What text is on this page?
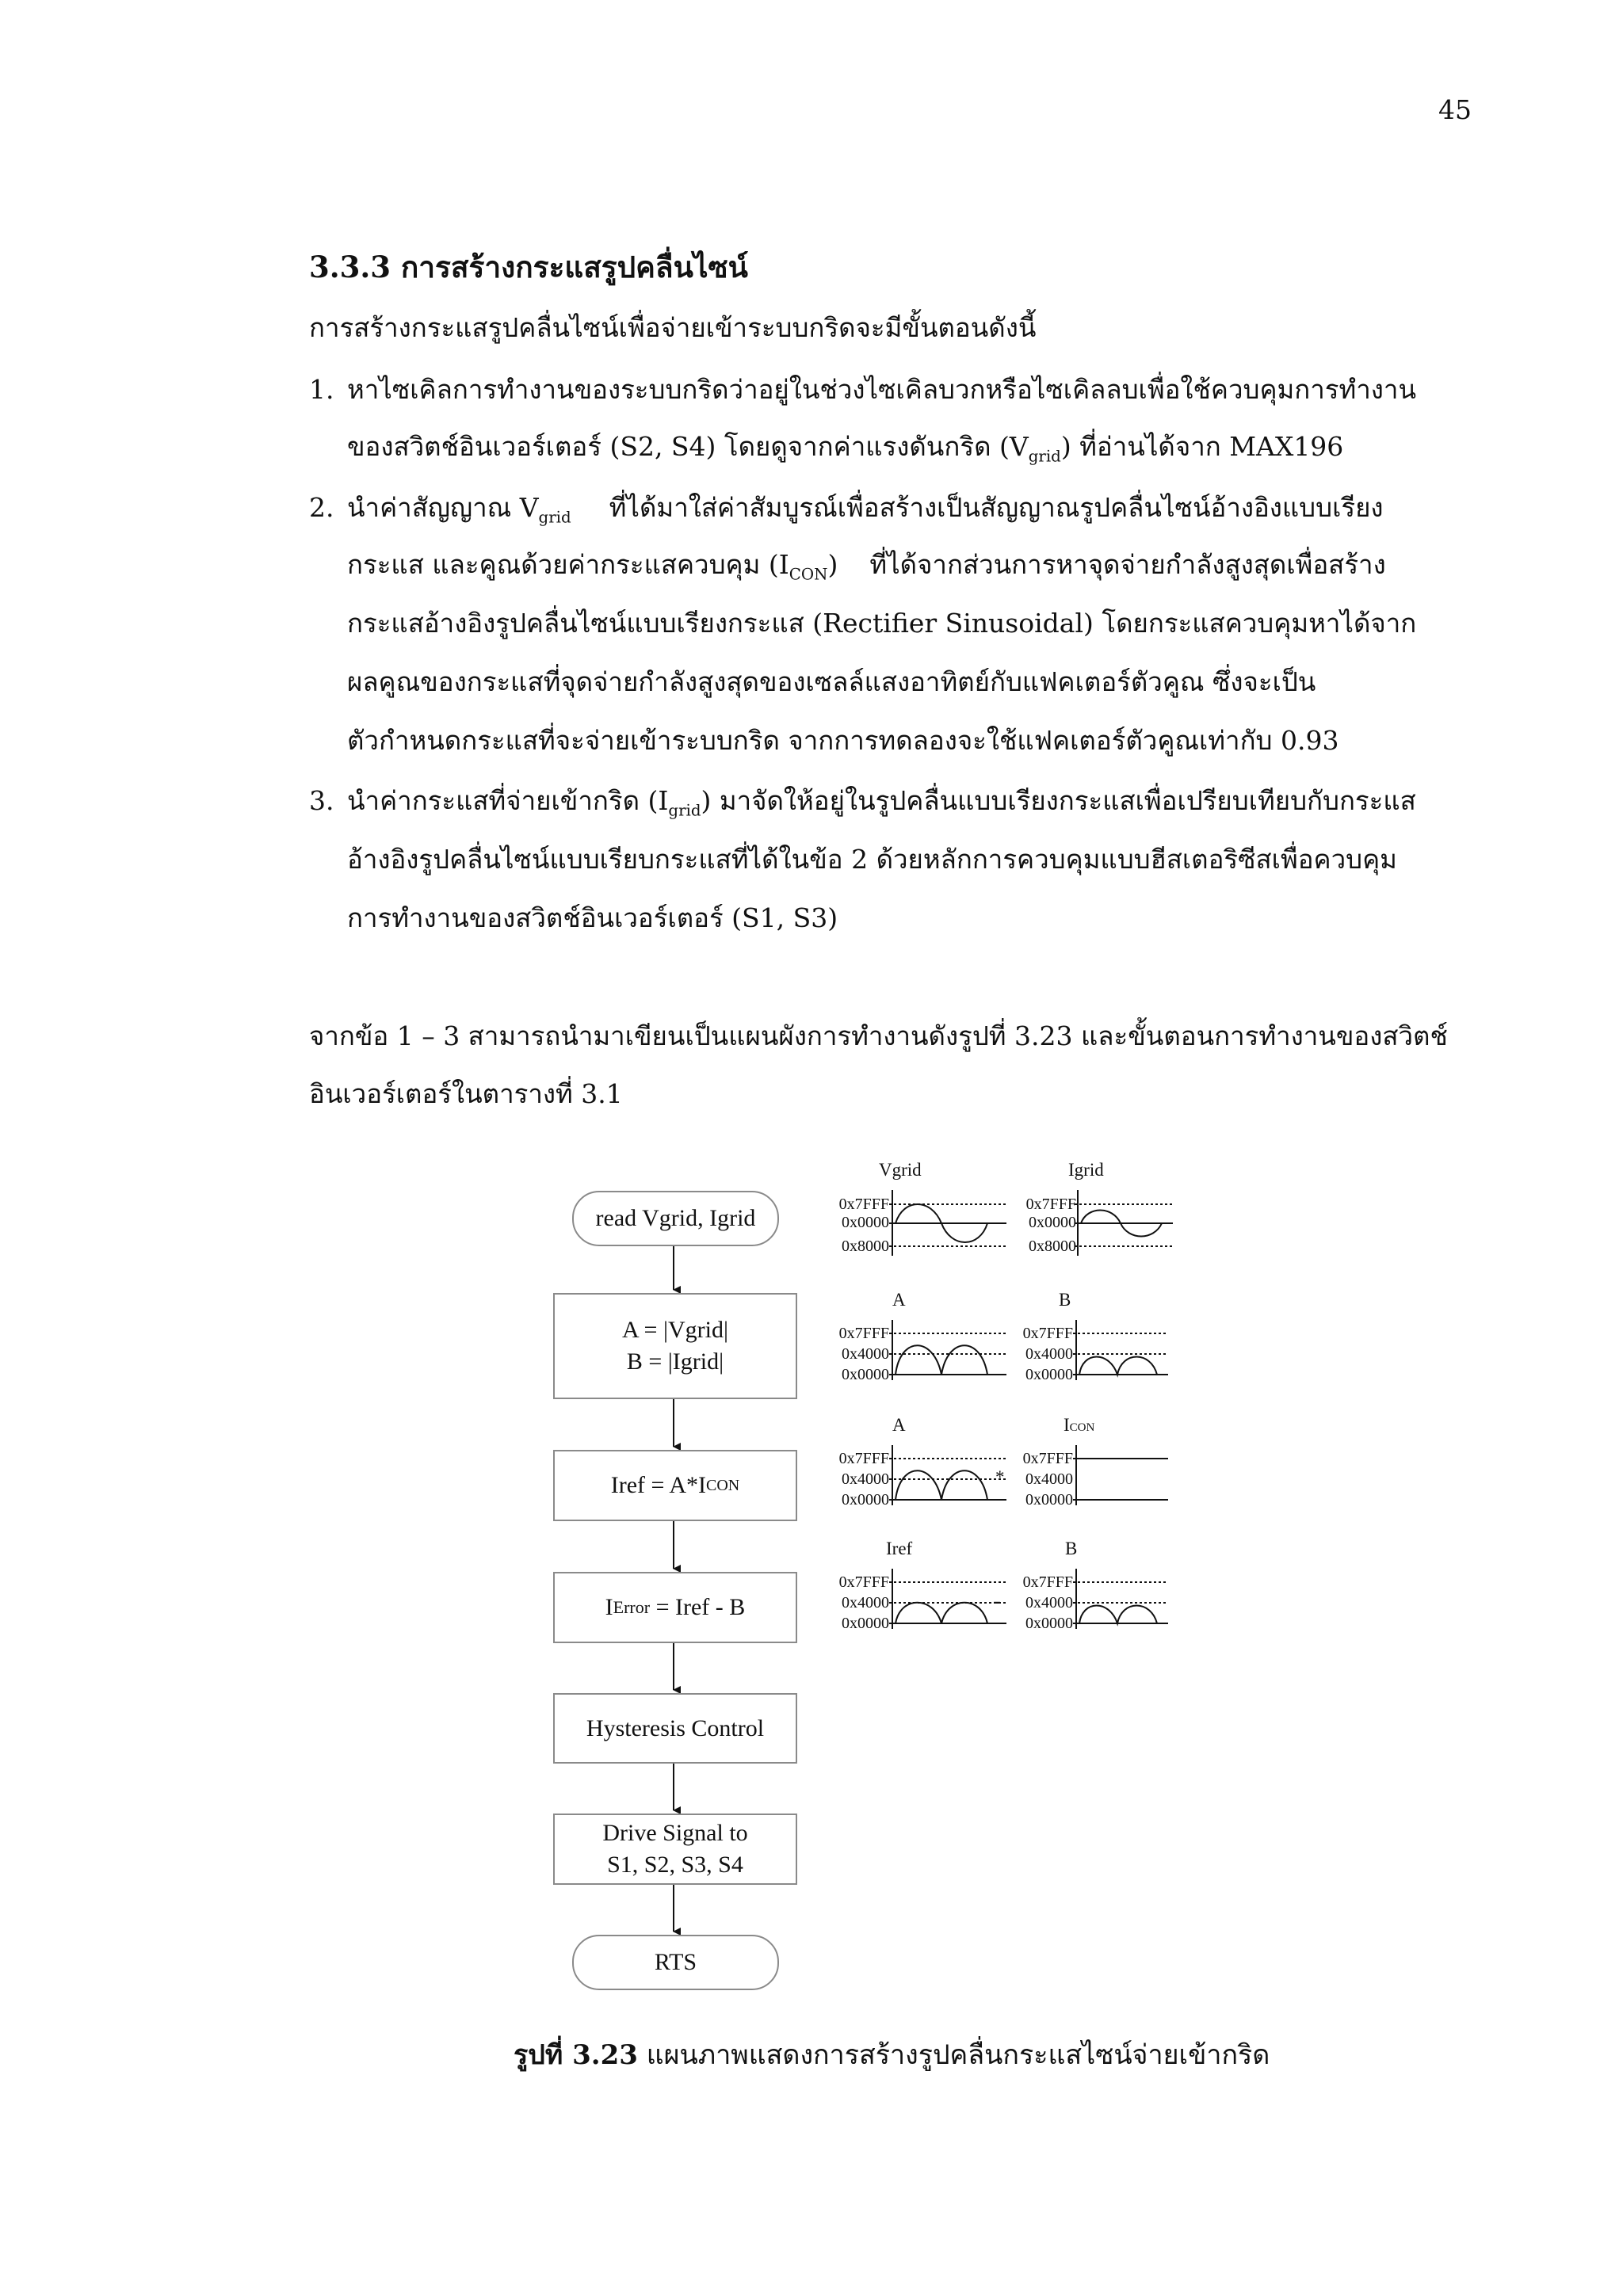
45
3.3.3 การสร้างกระแสรูปคลื่นไซน์
การสร้างกระแสรูปคลื่นไซน์เพื่อจ่ายเข้าระบบกริดจะมีขั้นตอนดังนี้
1. หาไซเคิลการทำงานของระบบกริดว่าอยู่ในช่วงไซเคิลบวกหรือไซเคิลลบเพื่อใช้ควบคุมการทำงาน
ของสวิตช์อินเวอร์เตอร์ (S2, S4) โดยดูจากค่าแรงดันกริด $(V_{grid})$ ที่อ่านได้จาก MAX196
2. นำค่าสัญญาณ $V_{grid}$ ที่ได้มาใส่ค่าสัมบูรณ์เพื่อสร้างเป็นสัญญาณรูปคลื่นไซน์อ้างอิงแบบเรียง
กระแส และคูณด้วยค่ากระแสควบคุม $(I_{CON})$ ที่ได้จากส่วนการหาจุดจ่ายกำลังสูงสุดเพื่อสร้าง
กระแสอ้างอิงรูปคลื่นไซน์แบบเรียงกระแส (Rectifier Sinusoidal) โดยกระแสควบคุมหาได้จาก
ผลคูณของกระแสที่จุดจ่ายกำลังสูงสุดของเซลล์แสงอาทิตย์กับแฟคเตอร์ตัวคูณ ซึ่งจะเป็น
ตัวกำหนดกระแสที่จะจ่ายเข้าระบบกริด จากการทดลองจะใช้แฟคเตอร์ตัวคูณเท่ากับ 0.93
3. นำค่ากระแสที่จ่ายเข้ากริด $(I_{grid})$ มาจัดให้อยู่ในรูปคลื่นแบบเรียงกระแสเพื่อเปรียบเทียบกับกระแส
อ้างอิงรูปคลื่นไซน์แบบเรียบกระแสที่ได้ในข้อ 2 ด้วยหลักการควบคุมแบบฮีสเตอริซีสเพื่อควบคุม
การทำงานของสวิตช์อินเวอร์เตอร์ (S1, S3)
จากข้อ 1 – 3 สามารถนำมาเขียนเป็นแผนผังการทำงานดังรูปที่ 3.23 และขั้นตอนการทำงานของสวิตช์
อินเวอร์เตอร์ในตารางที่ 3.1
read Vgrid, Igrid
A = |Vgrid|
B = |Igrid|
Iref = A*I CON
I Error = Iref - B
Hysteresis Control
Drive Signal to
S1, S2, S3, S4
RTS
Vgrid	Igrid
0x7FFF
0x0000
0x8000
0x7FFF
0x0000
0x8000
A	B
0x7FFF
0x4000
0x0000
0x7FFF
0x4000
0x0000
A	ICON
0x7FFF
0x4000
0x0000
*
0x7FFF
0x4000
0x0000
Iref	B
0x7FFF
0x4000
0x0000
-
0x7FFF
0x4000
0x0000
รูปที่ 3.23 แผนภาพแสดงการสร้างรูปคลื่นกระแสไซน์จ่ายเข้ากริด
